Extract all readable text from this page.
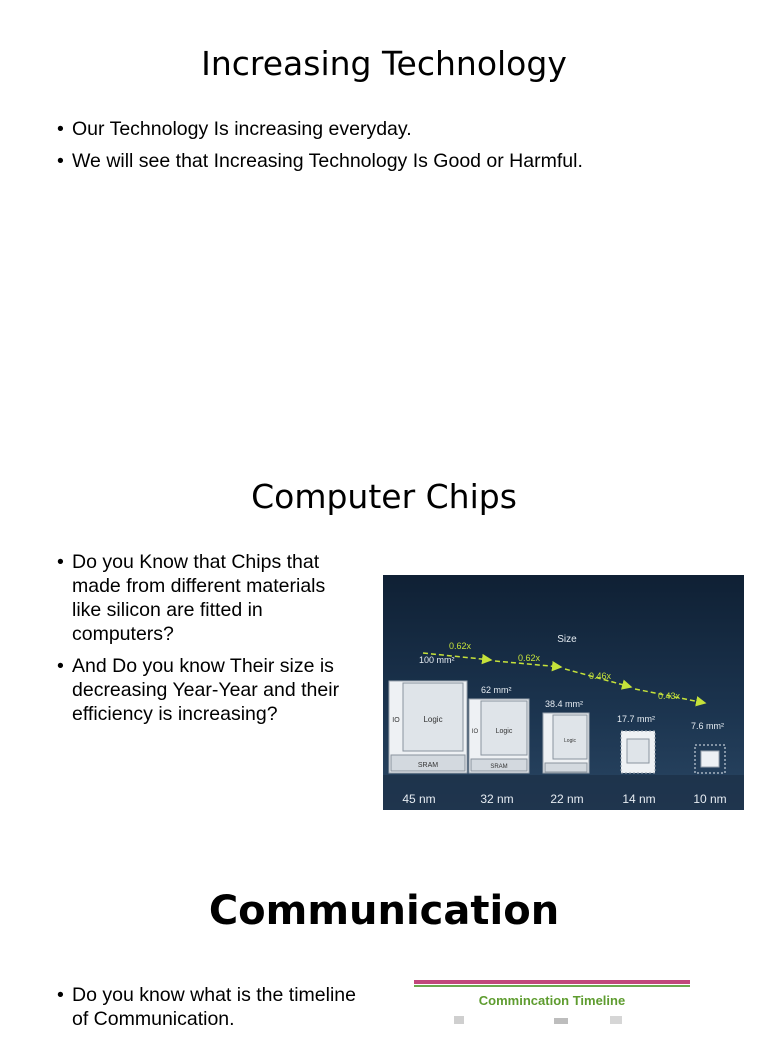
Increasing Technology
• Our Technology Is increasing everyday.
• We will see that Increasing Technology Is Good or Harmful.
Computer Chips
• Do you Know that Chips that made from different materials like silicon are fitted in computers?
• And Do you know Their size is decreasing Year-Year and their efficiency is increasing?
Size
0.62x
0.62x
0.46x
0.43x
100 mm²
62 mm²
38.4 mm²
17.7 mm²
7.6 mm²
Logic
SRAM
IO
Logic
SRAM
IO
Logic
45 nm	32 nm	22 nm	14 nm	10 nm
Communication
• Do you know what is the timeline of Communication.
Commincation Timeline
